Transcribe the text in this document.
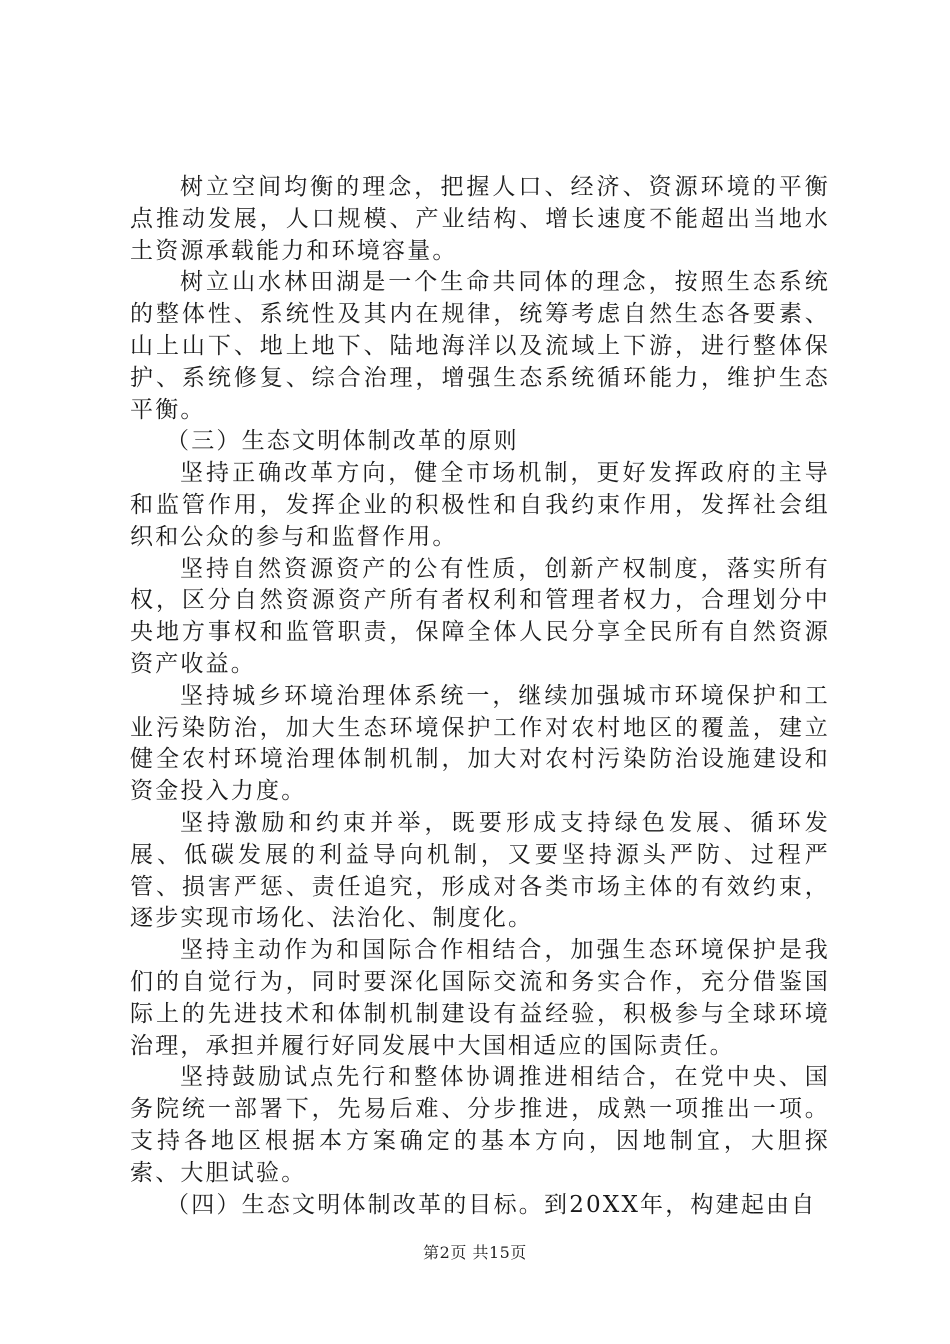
树立空间均衡的理念，把握人口、经济、资源环境的平衡点推动发展，人口规模、产业结构、增长速度不能超出当地水土资源承载能力和环境容量。

树立山水林田湖是一个生命共同体的理念，按照生态系统的整体性、系统性及其内在规律，统筹考虑自然生态各要素、山上山下、地上地下、陆地海洋以及流域上下游，进行整体保护、系统修复、综合治理，增强生态系统循环能力，维护生态平衡。

（三）生态文明体制改革的原则

坚持正确改革方向，健全市场机制，更好发挥政府的主导和监管作用，发挥企业的积极性和自我约束作用，发挥社会组织和公众的参与和监督作用。

坚持自然资源资产的公有性质，创新产权制度，落实所有权，区分自然资源资产所有者权利和管理者权力，合理划分中央地方事权和监管职责，保障全体人民分享全民所有自然资源资产收益。

坚持城乡环境治理体系统一，继续加强城市环境保护和工业污染防治，加大生态环境保护工作对农村地区的覆盖，建立健全农村环境治理体制机制，加大对农村污染防治设施建设和资金投入力度。

坚持激励和约束并举，既要形成支持绿色发展、循环发展、低碳发展的利益导向机制，又要坚持源头严防、过程严管、损害严惩、责任追究，形成对各类市场主体的有效约束，逐步实现市场化、法治化、制度化。

坚持主动作为和国际合作相结合，加强生态环境保护是我们的自觉行为，同时要深化国际交流和务实合作，充分借鉴国际上的先进技术和体制机制建设有益经验，积极参与全球环境治理，承担并履行好同发展中大国相适应的国际责任。

坚持鼓励试点先行和整体协调推进相结合，在党中央、国务院统一部署下，先易后难、分步推进，成熟一项推出一项。支持各地区根据本方案确定的基本方向，因地制宜，大胆探索、大胆试验。

（四）生态文明体制改革的目标。到20XX年，构建起由自

第2页 共15页
